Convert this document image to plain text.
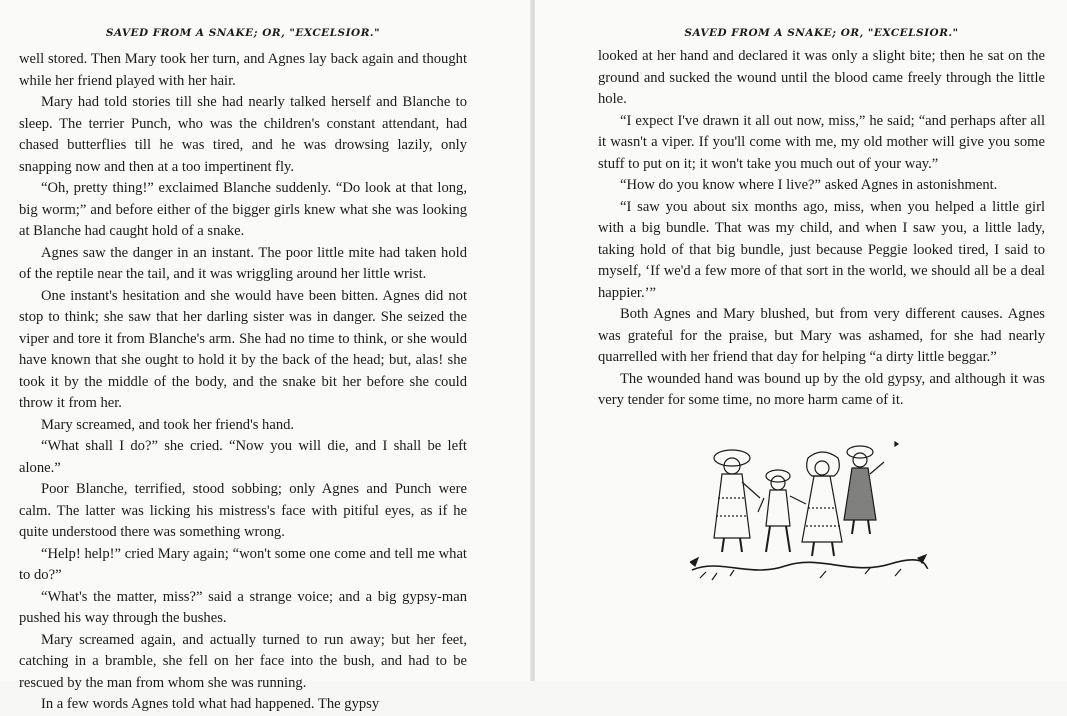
SAVED FROM A SNAKE; OR, "EXCELSIOR."

well stored. Then Mary took her turn, and Agnes lay back again and thought while her friend played with her hair.

Mary had told stories till she had nearly talked herself and Blanche to sleep. The terrier Punch, who was the children's constant attendant, had chased butterflies till he was tired, and he was drowsing lazily, only snapping now and then at a too impertinent fly.

“Oh, pretty thing!” exclaimed Blanche suddenly. “Do look at that long, big worm;” and before either of the bigger girls knew what she was looking at Blanche had caught hold of a snake.

Agnes saw the danger in an instant. The poor little mite had taken hold of the reptile near the tail, and it was wriggling around her little wrist.

One instant's hesitation and she would have been bitten. Agnes did not stop to think; she saw that her darling sister was in danger. She seized the viper and tore it from Blanche's arm. She had no time to think, or she would have known that she ought to hold it by the back of the head; but, alas! she took it by the middle of the body, and the snake bit her before she could throw it from her.

Mary screamed, and took her friend's hand.

“What shall I do?” she cried. “Now you will die, and I shall be left alone.”

Poor Blanche, terrified, stood sobbing; only Agnes and Punch were calm. The latter was licking his mistress's face with pitiful eyes, as if he quite understood there was something wrong.

“Help! help!” cried Mary again; “won't some one come and tell me what to do?”

“What's the matter, miss?” said a strange voice; and a big gypsy-man pushed his way through the bushes.

Mary screamed again, and actually turned to run away; but her feet, catching in a bramble, she fell on her face into the bush, and had to be rescued by the man from whom she was running.

In a few words Agnes told what had happened. The gypsy

SAVED FROM A SNAKE; OR, "EXCELSIOR."

looked at her hand and declared it was only a slight bite; then he sat on the ground and sucked the wound until the blood came freely through the little hole.

“I expect I've drawn it all out now, miss,” he said; “and perhaps after all it wasn't a viper. If you'll come with me, my old mother will give you some stuff to put on it; it won't take you much out of your way.”

“How do you know where I live?” asked Agnes in astonishment.

“I saw you about six months ago, miss, when you helped a little girl with a big bundle. That was my child, and when I saw you, a little lady, taking hold of that big bundle, just because Peggie looked tired, I said to myself, ‘If we'd a few more of that sort in the world, we should all be a deal happier.’”

Both Agnes and Mary blushed, but from very different causes. Agnes was grateful for the praise, but Mary was ashamed, for she had nearly quarrelled with her friend that day for helping “a dirty little beggar.”

The wounded hand was bound up by the old gypsy, and although it was very tender for some time, no more harm came of it.
